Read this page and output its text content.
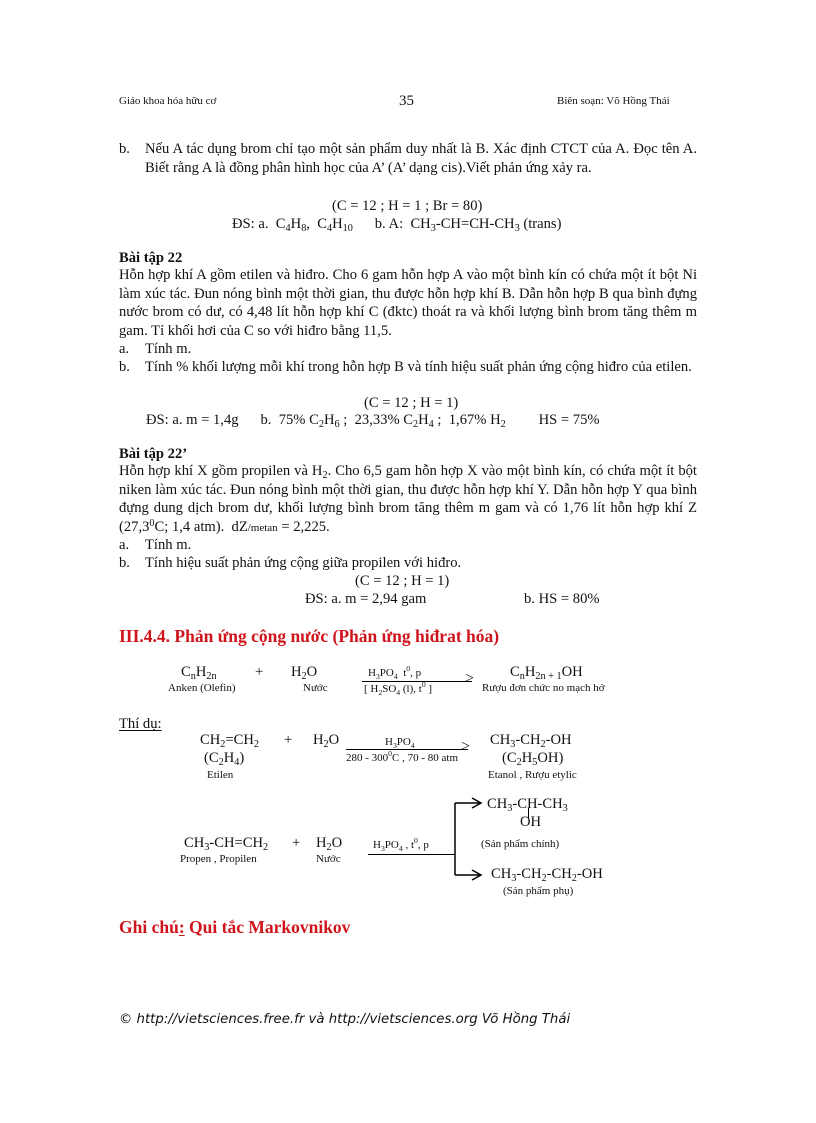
Giáo khoa hóa hữu cơ	35	Biên soạn: Võ Hồng Thái
b. Nếu A tác dụng brom chỉ tạo một sản phẩm duy nhất là B. Xác định CTCT của A. Đọc tên A. Biết rằng A là đồng phân hình học của A’ (A’ dạng cis).Viết phản ứng xảy ra.
(C = 12 ; H = 1 ; Br = 80)
ĐS: a.  $C_4H_8$,  $C_4H_{10}$ b. A:  $CH_3-CH=CH-CH_3$ (trans)
Bài tập 22
Hỗn hợp khí A gồm etilen và hiđro. Cho 6 gam hỗn hợp A vào một bình kín có chứa một ít bột Ni làm xúc tác. Đun nóng bình một thời gian, thu được hỗn hợp khí B. Dẫn hỗn hợp B qua bình đựng nước brom có dư, có 4,48 lít hỗn hợp khí C (đktc) thoát ra và khối lượng bình brom tăng thêm m gam. Tỉ khối hơi của C so với hiđro bằng 11,5.
a. Tính m.
b. Tính % khối lượng mỗi khí trong hỗn hợp B và tính hiệu suất phản ứng cộng hiđro của etilen.
(C = 12 ; H = 1)
ĐS: a. m = 1,4g b.  75% $C_2H_6$ ;  23,33% $C_2H_4$ ;  1,67% $H_2$ HS = 75%
Bài tập 22’
Hỗn hợp khí X gồm propilen và $H_2$. Cho 6,5 gam hỗn hợp X vào một bình kín, có chứa một ít bột niken làm xúc tác. Đun nóng bình một thời gian, thu được hỗn hợp khí Y. Dẫn hỗn hợp Y qua bình đựng dung dịch brom dư, khối lượng bình brom tăng thêm m gam và có 1,76 lít hỗn hợp khí Z (27,3$^0$C; 1,4 atm).  dZ/metan = 2,225.
a. Tính m.
b. Tính hiệu suất phản ứng cộng giữa propilen với hiđro.
(C = 12 ; H = 1)
ĐS: a. m = 2,94 gam	b. HS = 80%
III.4.4. Phản ứng cộng nước (Phản ứng hiđrat hóa)
$C_nH_{2n}$	+ $H_2O$	$H_3PO_4$  $t^0$, p	>
[ $H_2SO_4$ (l), $t^0$ ]
$C_nH_{2n + 1}OH$
Anken (Olefin)	Nước	Rượu đơn chức no mạch hở
Thí dụ:
$CH_2=CH_2 + H_2O$	$H_3PO_4$	>
$280 - 300^0C$ , 70 - 80 atm
$CH_3-CH_2-OH$
$(C_2H_4)$	$(C_2H_5OH)$
Etilen	Etanol , Rượu etylic
$CH_3-CH-CH_3$
OH
$CH_3-CH=CH_2 + H_2O$	$H_3PO_4$ , $t^0$, p	(Sản phẩm chính)
Propen , Propilen	Nước
$CH_3-CH_2-CH_2-OH$
(Sản phẩm phụ)
Ghi chú: Qui tắc Markovnikov
© http://vietsciences.free.fr và http://vietsciences.org Võ Hồng Thái
